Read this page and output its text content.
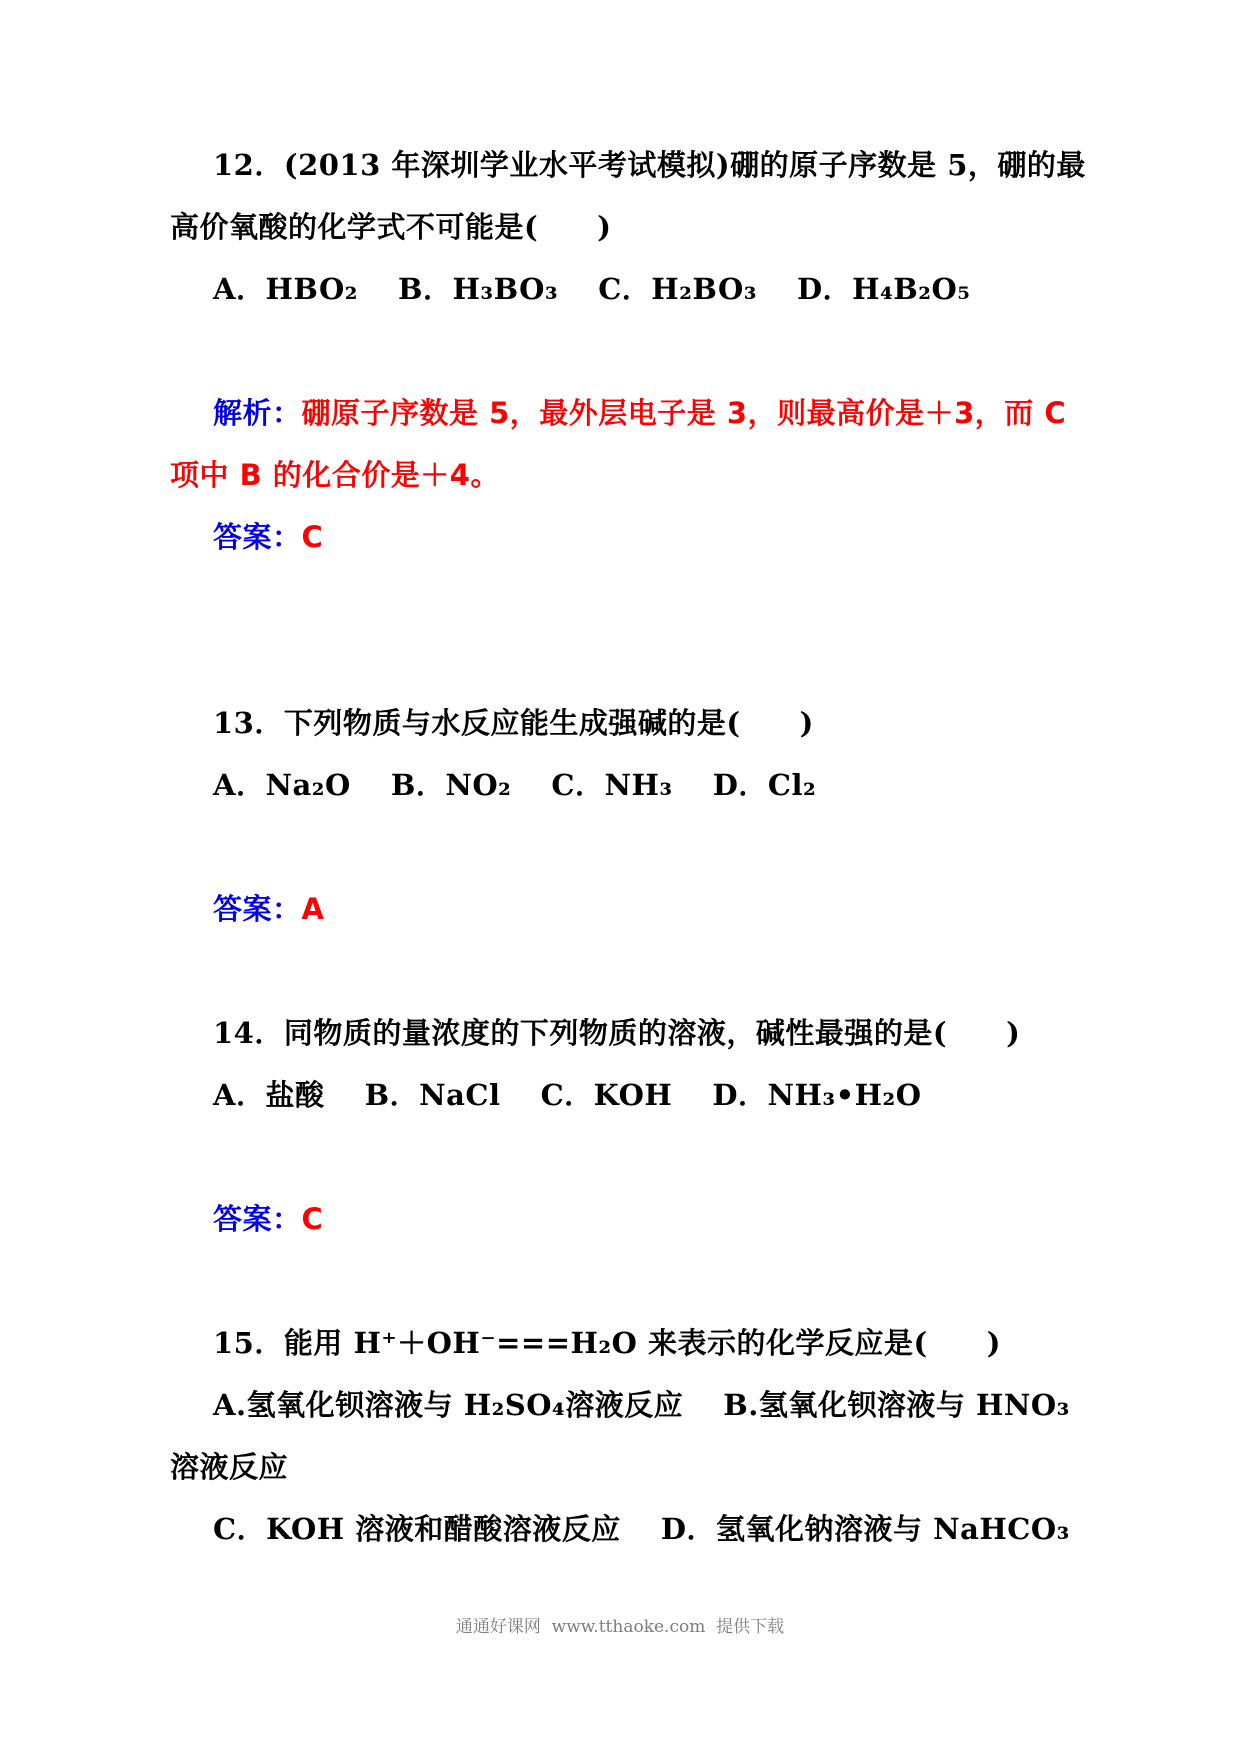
12．(2013 年深圳学业水平考试模拟)硼的原子序数是 5，硼的最
高价氧酸的化学式不可能是(　　)
A．HBO₂　 B．H₃BO₃　 C．H₂BO₃　 D．H₄B₂O₅
解析：硼原子序数是 5，最外层电子是 3，则最高价是＋3，而 C
项中 B 的化合价是＋4。
答案：C
13．下列物质与水反应能生成强碱的是(　　)
A．Na₂O　 B．NO₂　 C．NH₃　 D．Cl₂
答案：A
14．同物质的量浓度的下列物质的溶液，碱性最强的是(　　)
A．盐酸　 B．NaCl　 C．KOH　 D．NH₃•H₂O
答案：C
15．能用 H⁺＋OH⁻===H₂O 来表示的化学反应是(　　)
A.氢氧化钡溶液与 H₂SO₄溶液反应　 B.氢氧化钡溶液与 HNO₃
溶液反应
C．KOH 溶液和醋酸溶液反应　 D．氢氧化钠溶液与 NaHCO₃
通通好课网  www.tthaoke.com  提供下载
